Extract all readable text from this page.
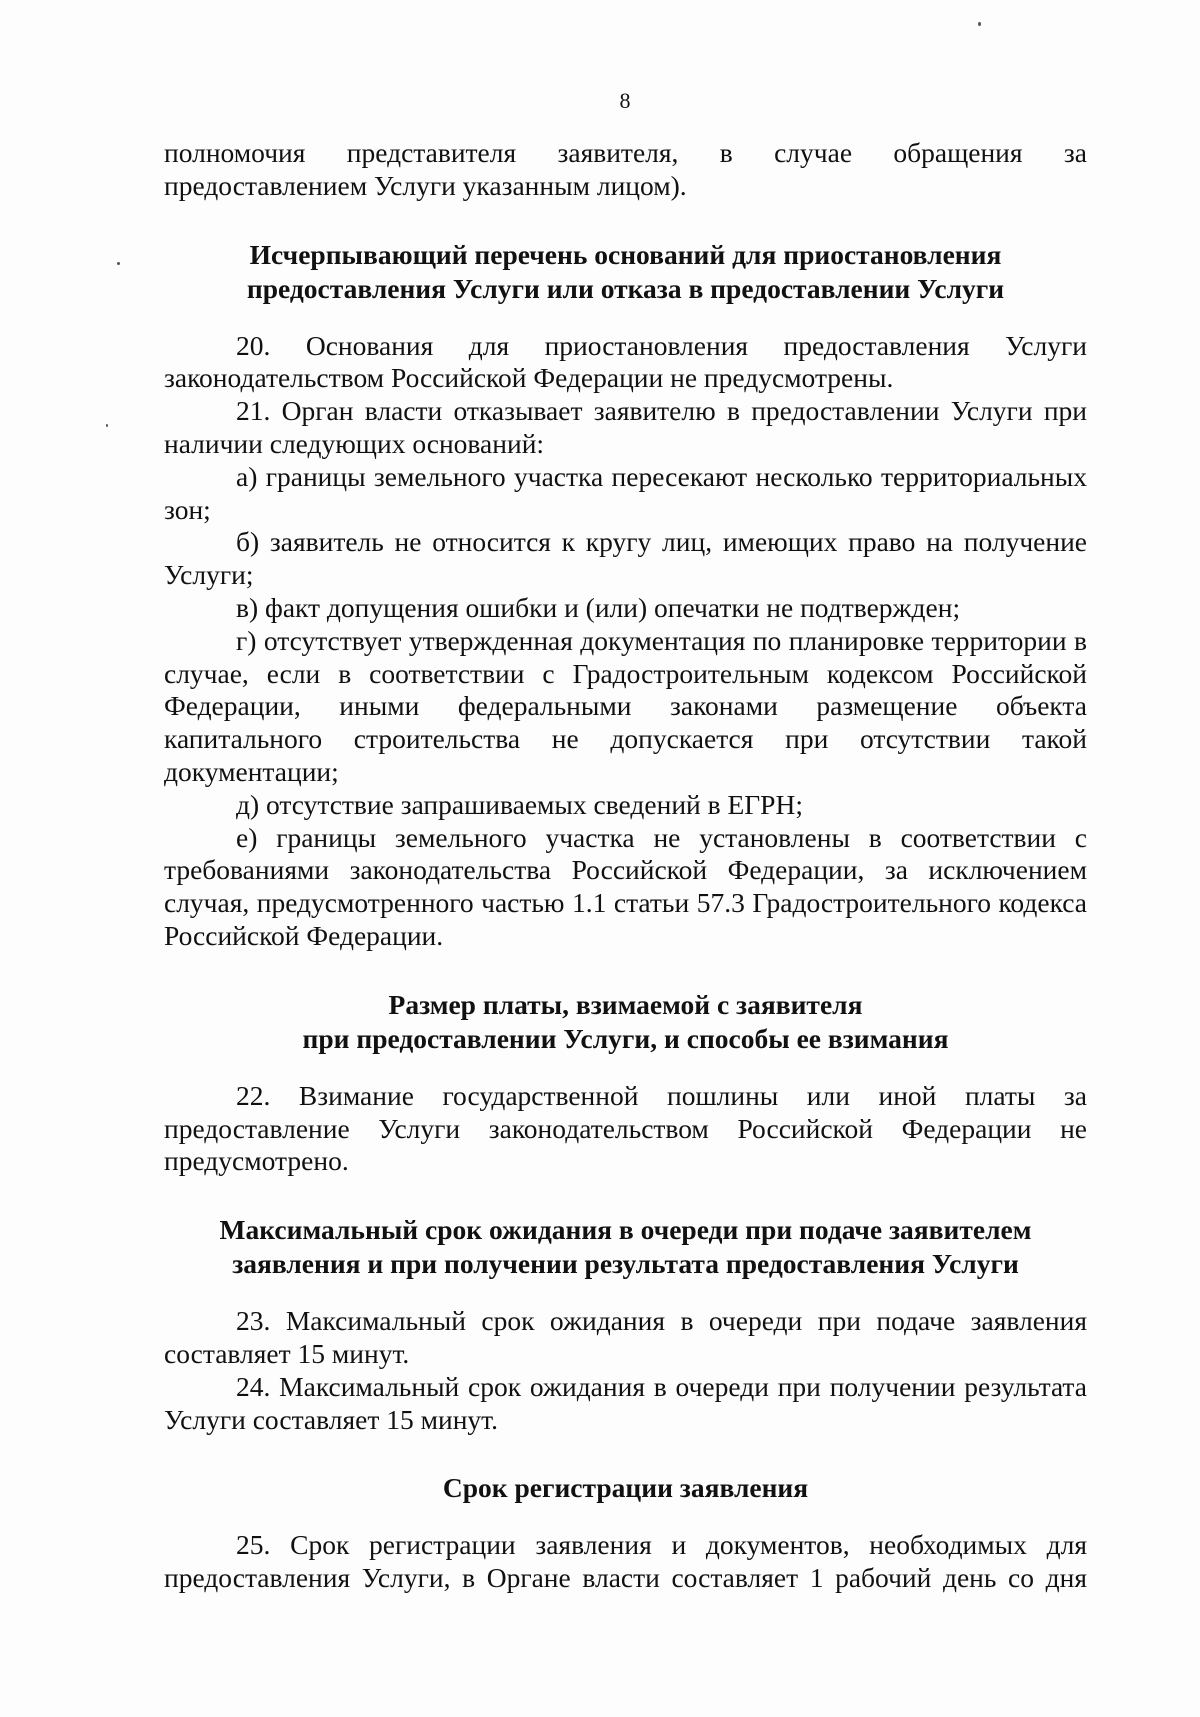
8

полномочия представителя заявителя, в случае обращения за предоставлением Услуги указанным лицом).

Исчерпывающий перечень оснований для приостановления
предоставления Услуги или отказа в предоставлении Услуги

20. Основания для приостановления предоставления Услуги законодательством Российской Федерации не предусмотрены.

21. Орган власти отказывает заявителю в предоставлении Услуги при наличии следующих оснований:

а) границы земельного участка пересекают несколько территориальных зон;

б) заявитель не относится к кругу лиц, имеющих право на получение Услуги;

в) факт допущения ошибки и (или) опечатки не подтвержден;

г) отсутствует утвержденная документация по планировке территории в случае, если в соответствии с Градостроительным кодексом Российской Федерации, иными федеральными законами размещение объекта капитального строительства не допускается при отсутствии такой документации;

д) отсутствие запрашиваемых сведений в ЕГРН;

е) границы земельного участка не установлены в соответствии с требованиями законодательства Российской Федерации, за исключением случая, предусмотренного частью 1.1 статьи 57.3 Градостроительного кодекса Российской Федерации.

Размер платы, взимаемой с заявителя
при предоставлении Услуги, и способы ее взимания

22. Взимание государственной пошлины или иной платы за предоставление Услуги законодательством Российской Федерации не предусмотрено.

Максимальный срок ожидания в очереди при подаче заявителем
заявления и при получении результата предоставления Услуги

23. Максимальный срок ожидания в очереди при подаче заявления составляет 15 минут.

24. Максимальный срок ожидания в очереди при получении результата Услуги составляет 15 минут.

Срок регистрации заявления

25. Срок регистрации заявления и документов, необходимых для предоставления Услуги, в Органе власти составляет 1 рабочий день со дня
